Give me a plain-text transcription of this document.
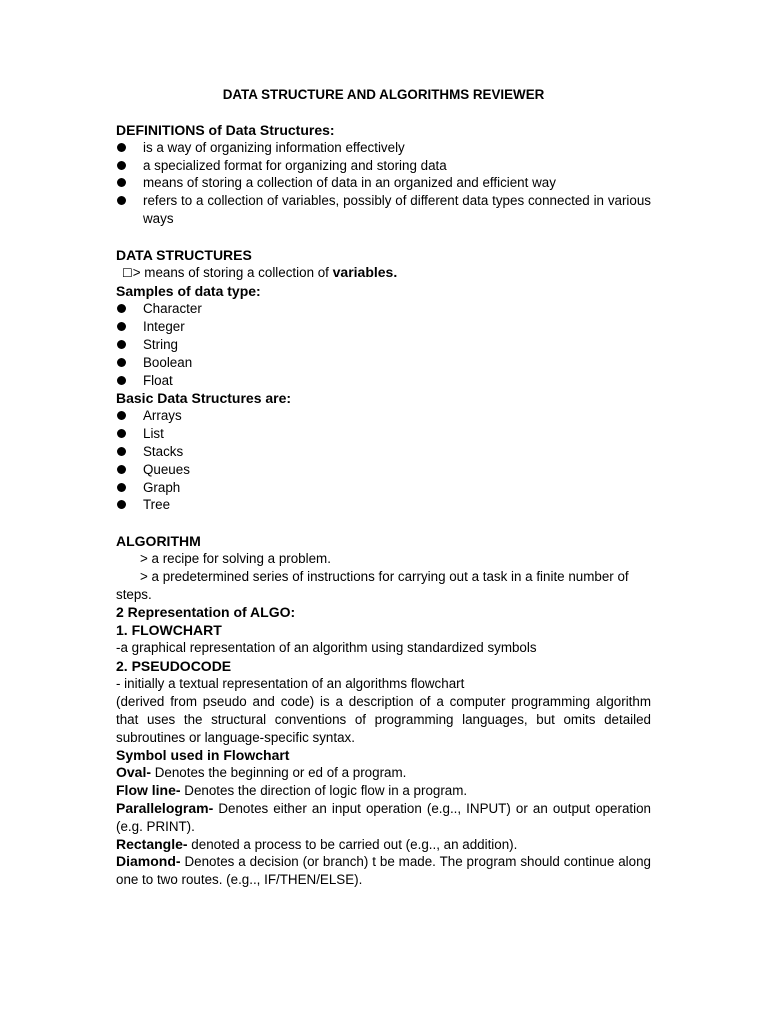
DATA STRUCTURE AND ALGORITHMS REVIEWER
DEFINITIONS of Data Structures:
is a way of organizing information effectively
a specialized format for organizing and storing data
means of storing a collection of data in an organized and efficient way
refers to a collection of variables, possibly of different data types connected in various ways
DATA STRUCTURES
☐> means of storing a collection of variables.
Samples of data type:
Character
Integer
String
Boolean
Float
Basic Data Structures are:
Arrays
List
Stacks
Queues
Graph
Tree
ALGORITHM
> a recipe for solving a problem.
> a predetermined series of instructions for carrying out a task in a finite number of steps.
2 Representation of ALGO:
1. FLOWCHART
-a graphical representation of an algorithm using standardized symbols
2. PSEUDOCODE
- initially a textual representation of an algorithms flowchart
(derived from pseudo and code) is a description of a computer programming algorithm that uses the structural conventions of programming languages, but omits detailed subroutines or language-specific syntax.
Symbol used in Flowchart
Oval- Denotes the beginning or ed of a program.
Flow line- Denotes the direction of logic flow in a program.
Parallelogram- Denotes either an input operation (e.g.., INPUT) or an output operation (e.g. PRINT).
Rectangle- denoted a process to be carried out (e.g.., an addition).
Diamond- Denotes a decision (or branch) t be made. The program should continue along one to two routes. (e.g.., IF/THEN/ELSE).
